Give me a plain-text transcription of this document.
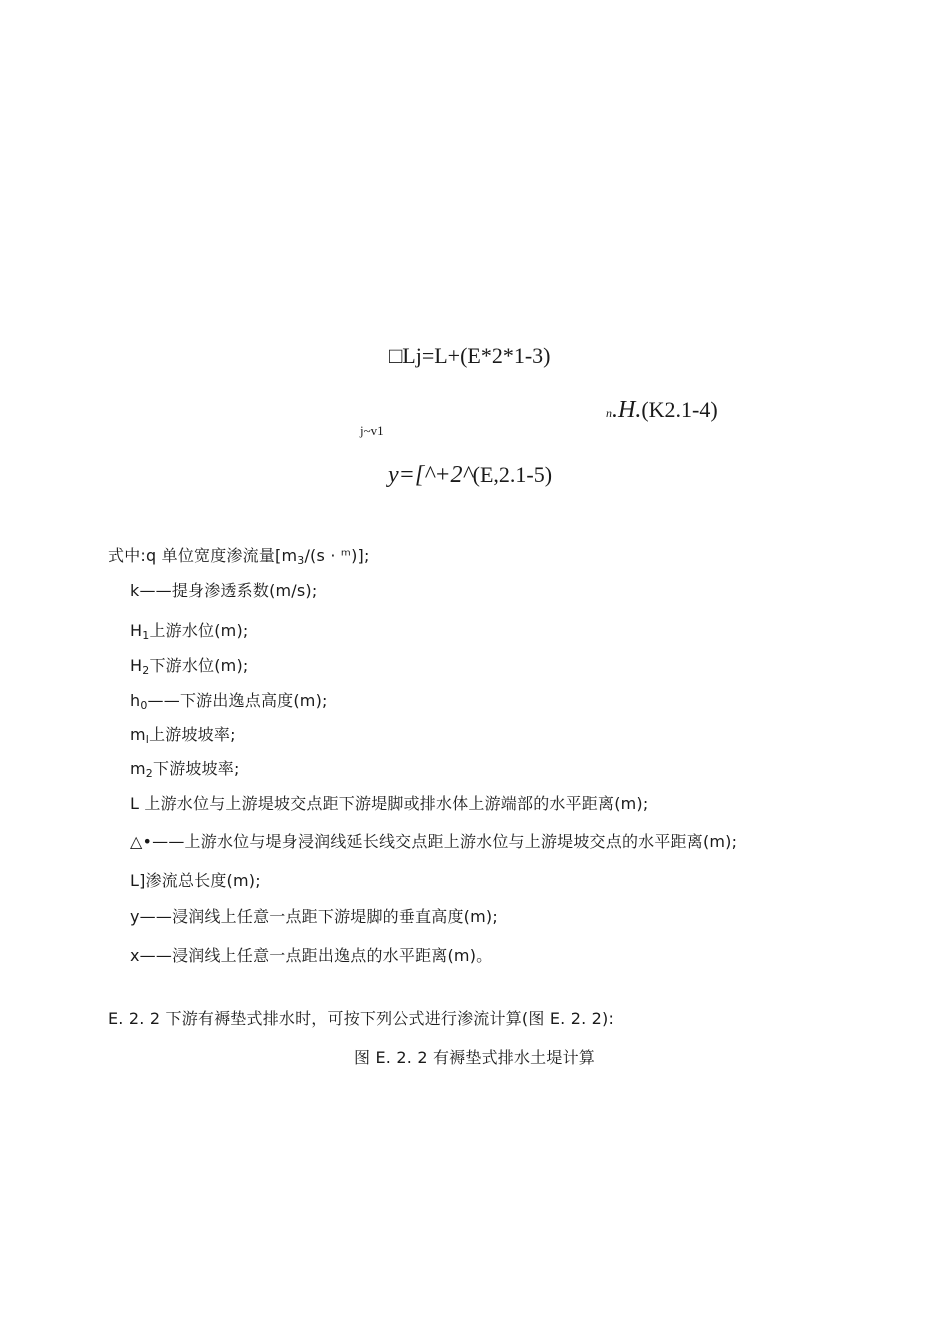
□Lj=L+(E*2*1-3)
n.H.(K2.1-4)
j~v1
y=[^+2^(E,2.1-5)
式中:q 单位宽度渗流量[$m_3/(s$ · ᵐ)];
k——提身渗透系数(m/s);
$H_1$上游水位(m);
$H_2$下游水位(m);
$h_0——$下游出逸点高度(m);
$m_l$上游坡坡率;
$m_2$下游坡坡率;
L 上游水位与上游堤坡交点距下游堤脚或排水体上游端部的水平距离(m);
△•——上游水位与堤身浸润线延长线交点距上游水位与上游堤坡交点的水平距离(m);
L]渗流总长度(m);
y——浸润线上任意一点距下游堤脚的垂直高度(m);
x——浸润线上任意一点距出逸点的水平距离(m)。
E. 2. 2 下游有褥垫式排水时，可按下列公式进行渗流计算(图 E. 2. 2):
图 E. 2. 2 有褥垫式排水土堤计算
